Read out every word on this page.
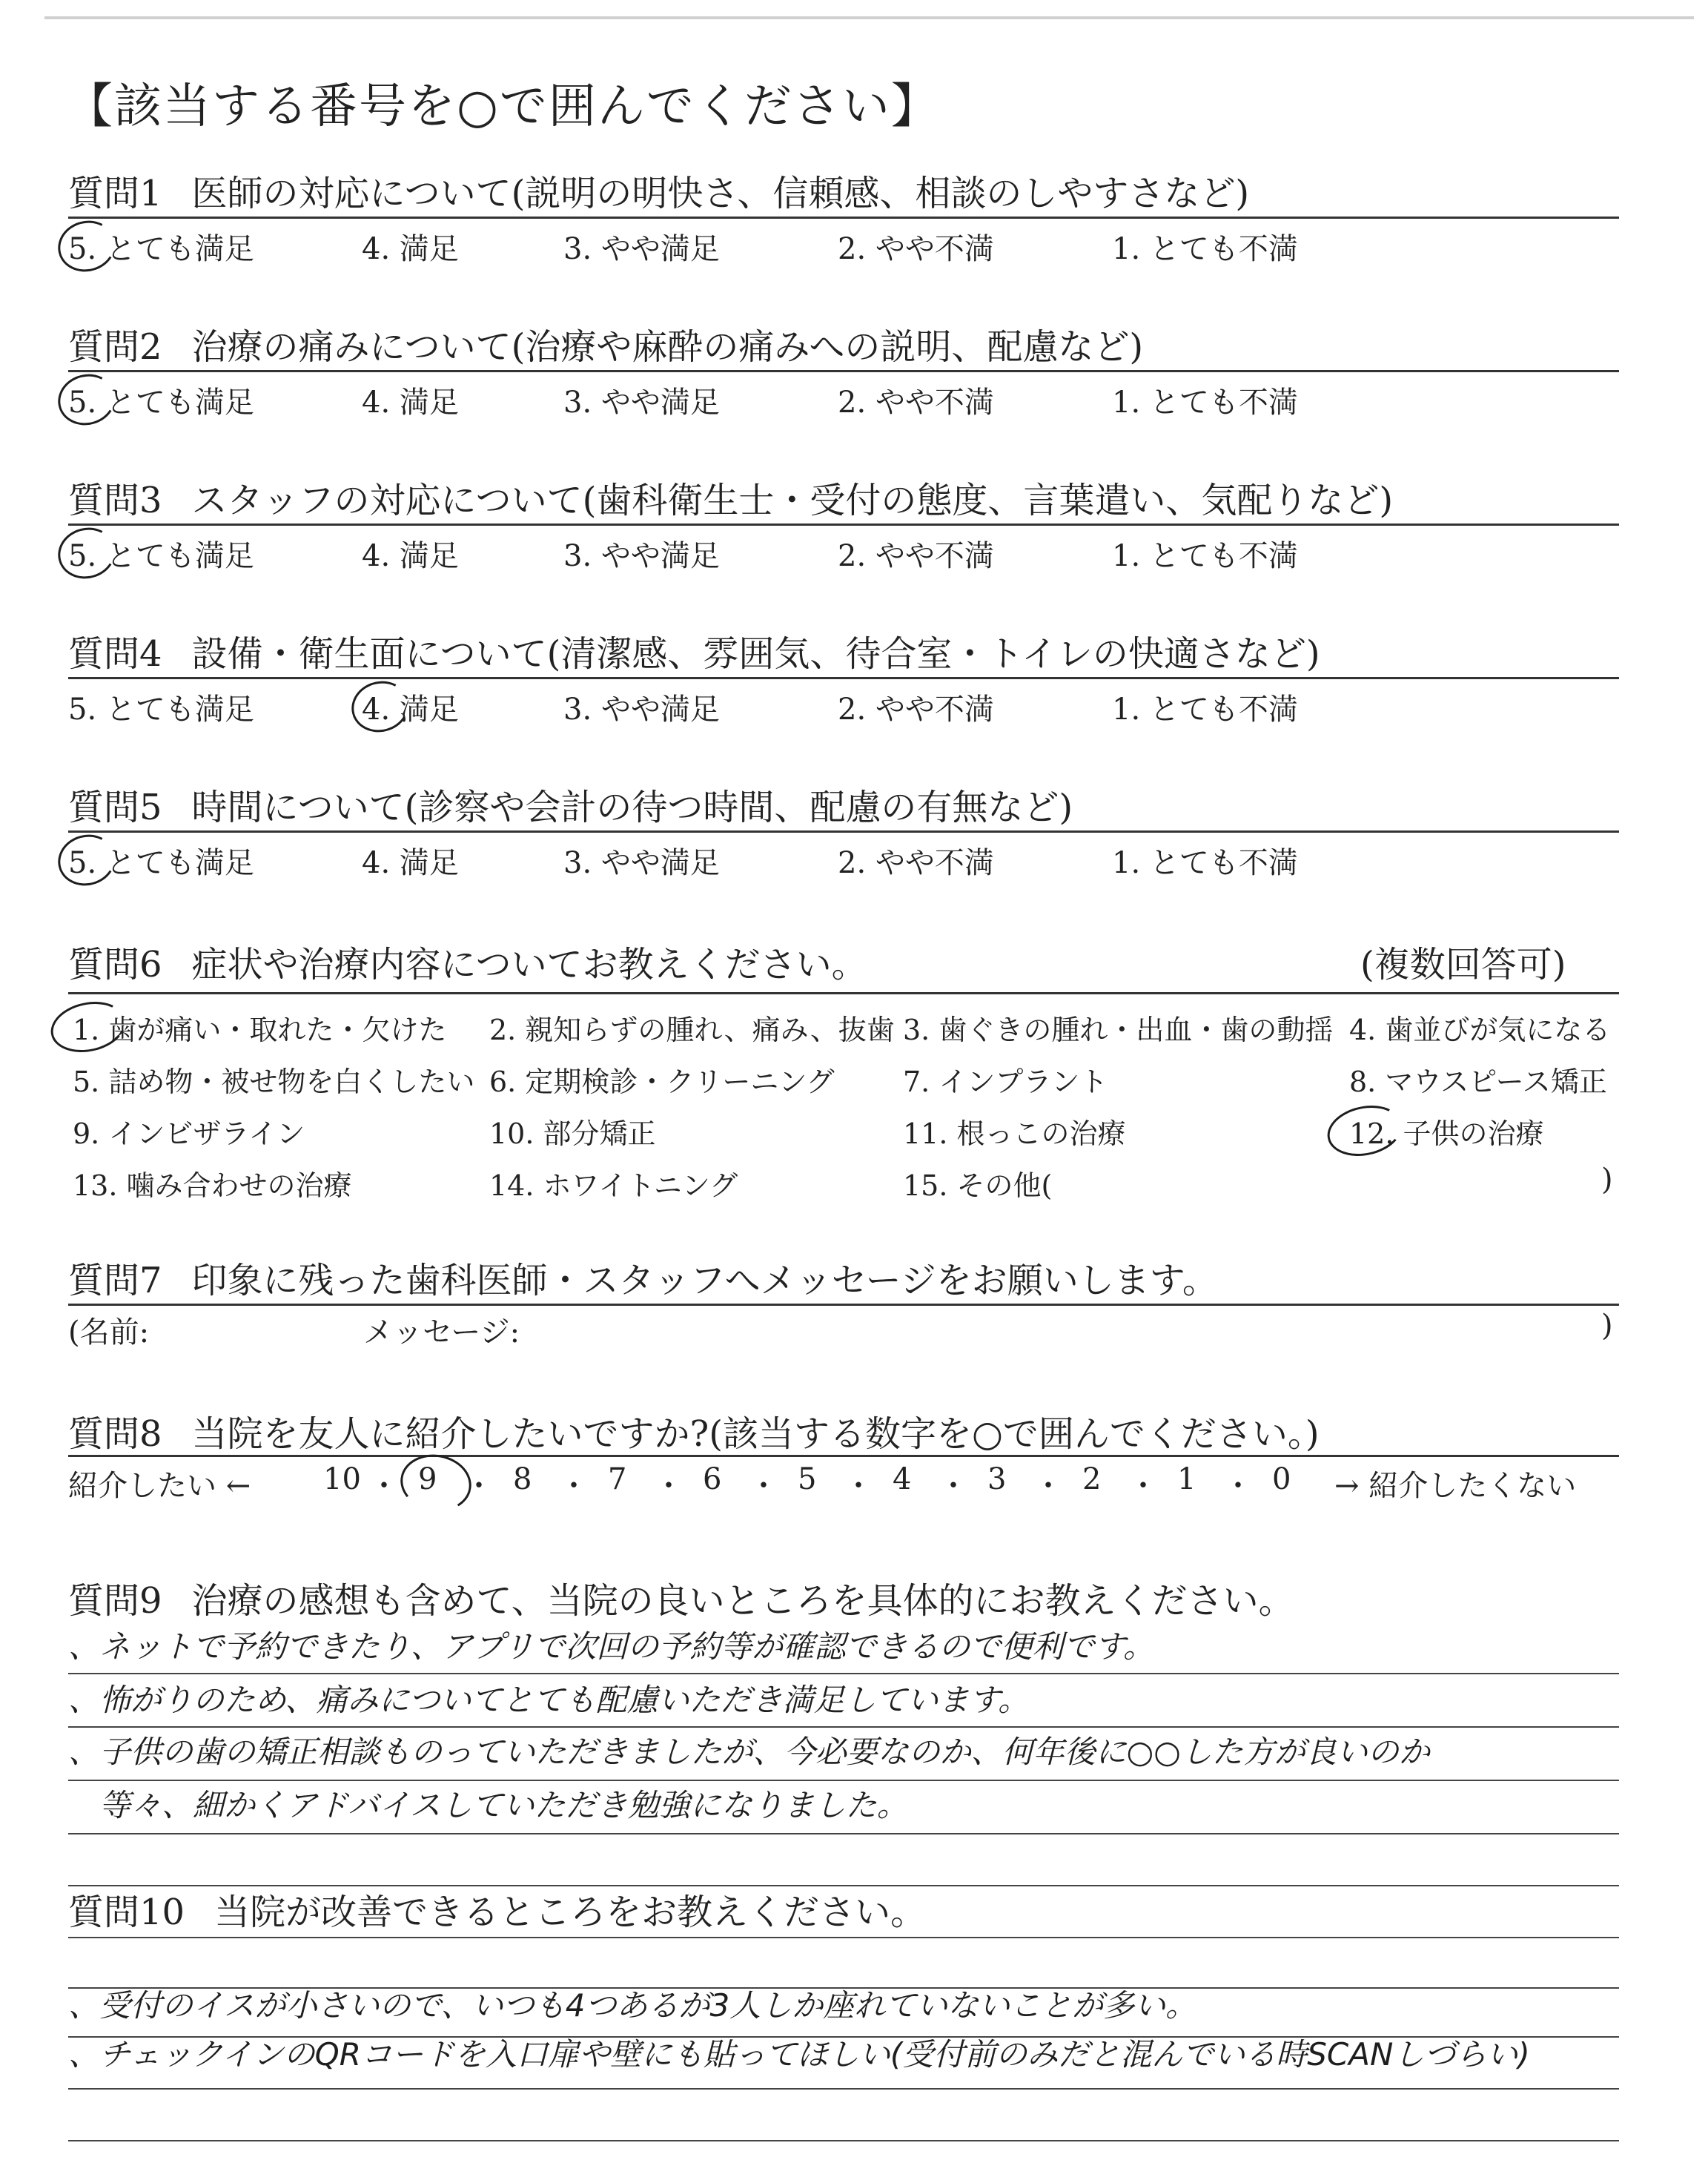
【該当する番号を○で囲んでください】
質問1 医師の対応について(説明の明快さ、信頼感、相談のしやすさなど)
5. とても満足	4. 満足	3. やや満足	2. やや不満	1. とても不満
質問2 治療の痛みについて(治療や麻酔の痛みへの説明、配慮など)
5. とても満足	4. 満足	3. やや満足	2. やや不満	1. とても不満
質問3 スタッフの対応について(歯科衛生士・受付の態度、言葉遣い、気配りなど)
5. とても満足	4. 満足	3. やや満足	2. やや不満	1. とても不満
質問4 設備・衛生面について(清潔感、雰囲気、待合室・トイレの快適さなど)
5. とても満足	4. 満足	3. やや満足	2. やや不満	1. とても不満
質問5 時間について(診察や会計の待つ時間、配慮の有無など)
5. とても満足	4. 満足	3. やや満足	2. やや不満	1. とても不満
質問6 症状や治療内容についてお教えください。	(複数回答可)
1. 歯が痛い・取れた・欠けた 2. 親知らずの腫れ、痛み、抜歯 3. 歯ぐきの腫れ・出血・歯の動揺 4. 歯並びが気になる
5. 詰め物・被せ物を白くしたい 6. 定期検診・クリーニング 7. インプラント	8. マウスピース矯正
9. インビザライン	10. 部分矯正	11. 根っこの治療	12. 子供の治療
13. 噛み合わせの治療	14. ホワイトニング	15. その他(	)
質問7 印象に残った歯科医師・スタッフへメッセージをお願いします。
(名前:	メッセージ:	)
質問8 当院を友人に紹介したいですか?(該当する数字を○で囲んでください。)
紹介したい ←	→ 紹介したくない
10 ・ 9 ・ 8 ・ 7 ・ 6 ・ 5 ・ 4 ・ 3 ・ 2 ・ 1 ・ 0
質問9 治療の感想も含めて、当院の良いところを具体的にお教えください。
、ネットで予約できたり、アプリで次回の予約等が確認できるので便利です。
、怖がりのため、痛みについてとても配慮いただき満足しています。
、子供の歯の矯正相談ものっていただきましたが、今必要なのか、何年後に○○した方が良いのか
　等々、細かくアドバイスしていただき勉強になりました。
質問10 当院が改善できるところをお教えください。
、受付のイスが小さいので、いつも4つあるが3人しか座れていないことが多い。
、チェックインのQRコードを入口扉や壁にも貼ってほしい(受付前のみだと混んでいる時SCANしづらい)
